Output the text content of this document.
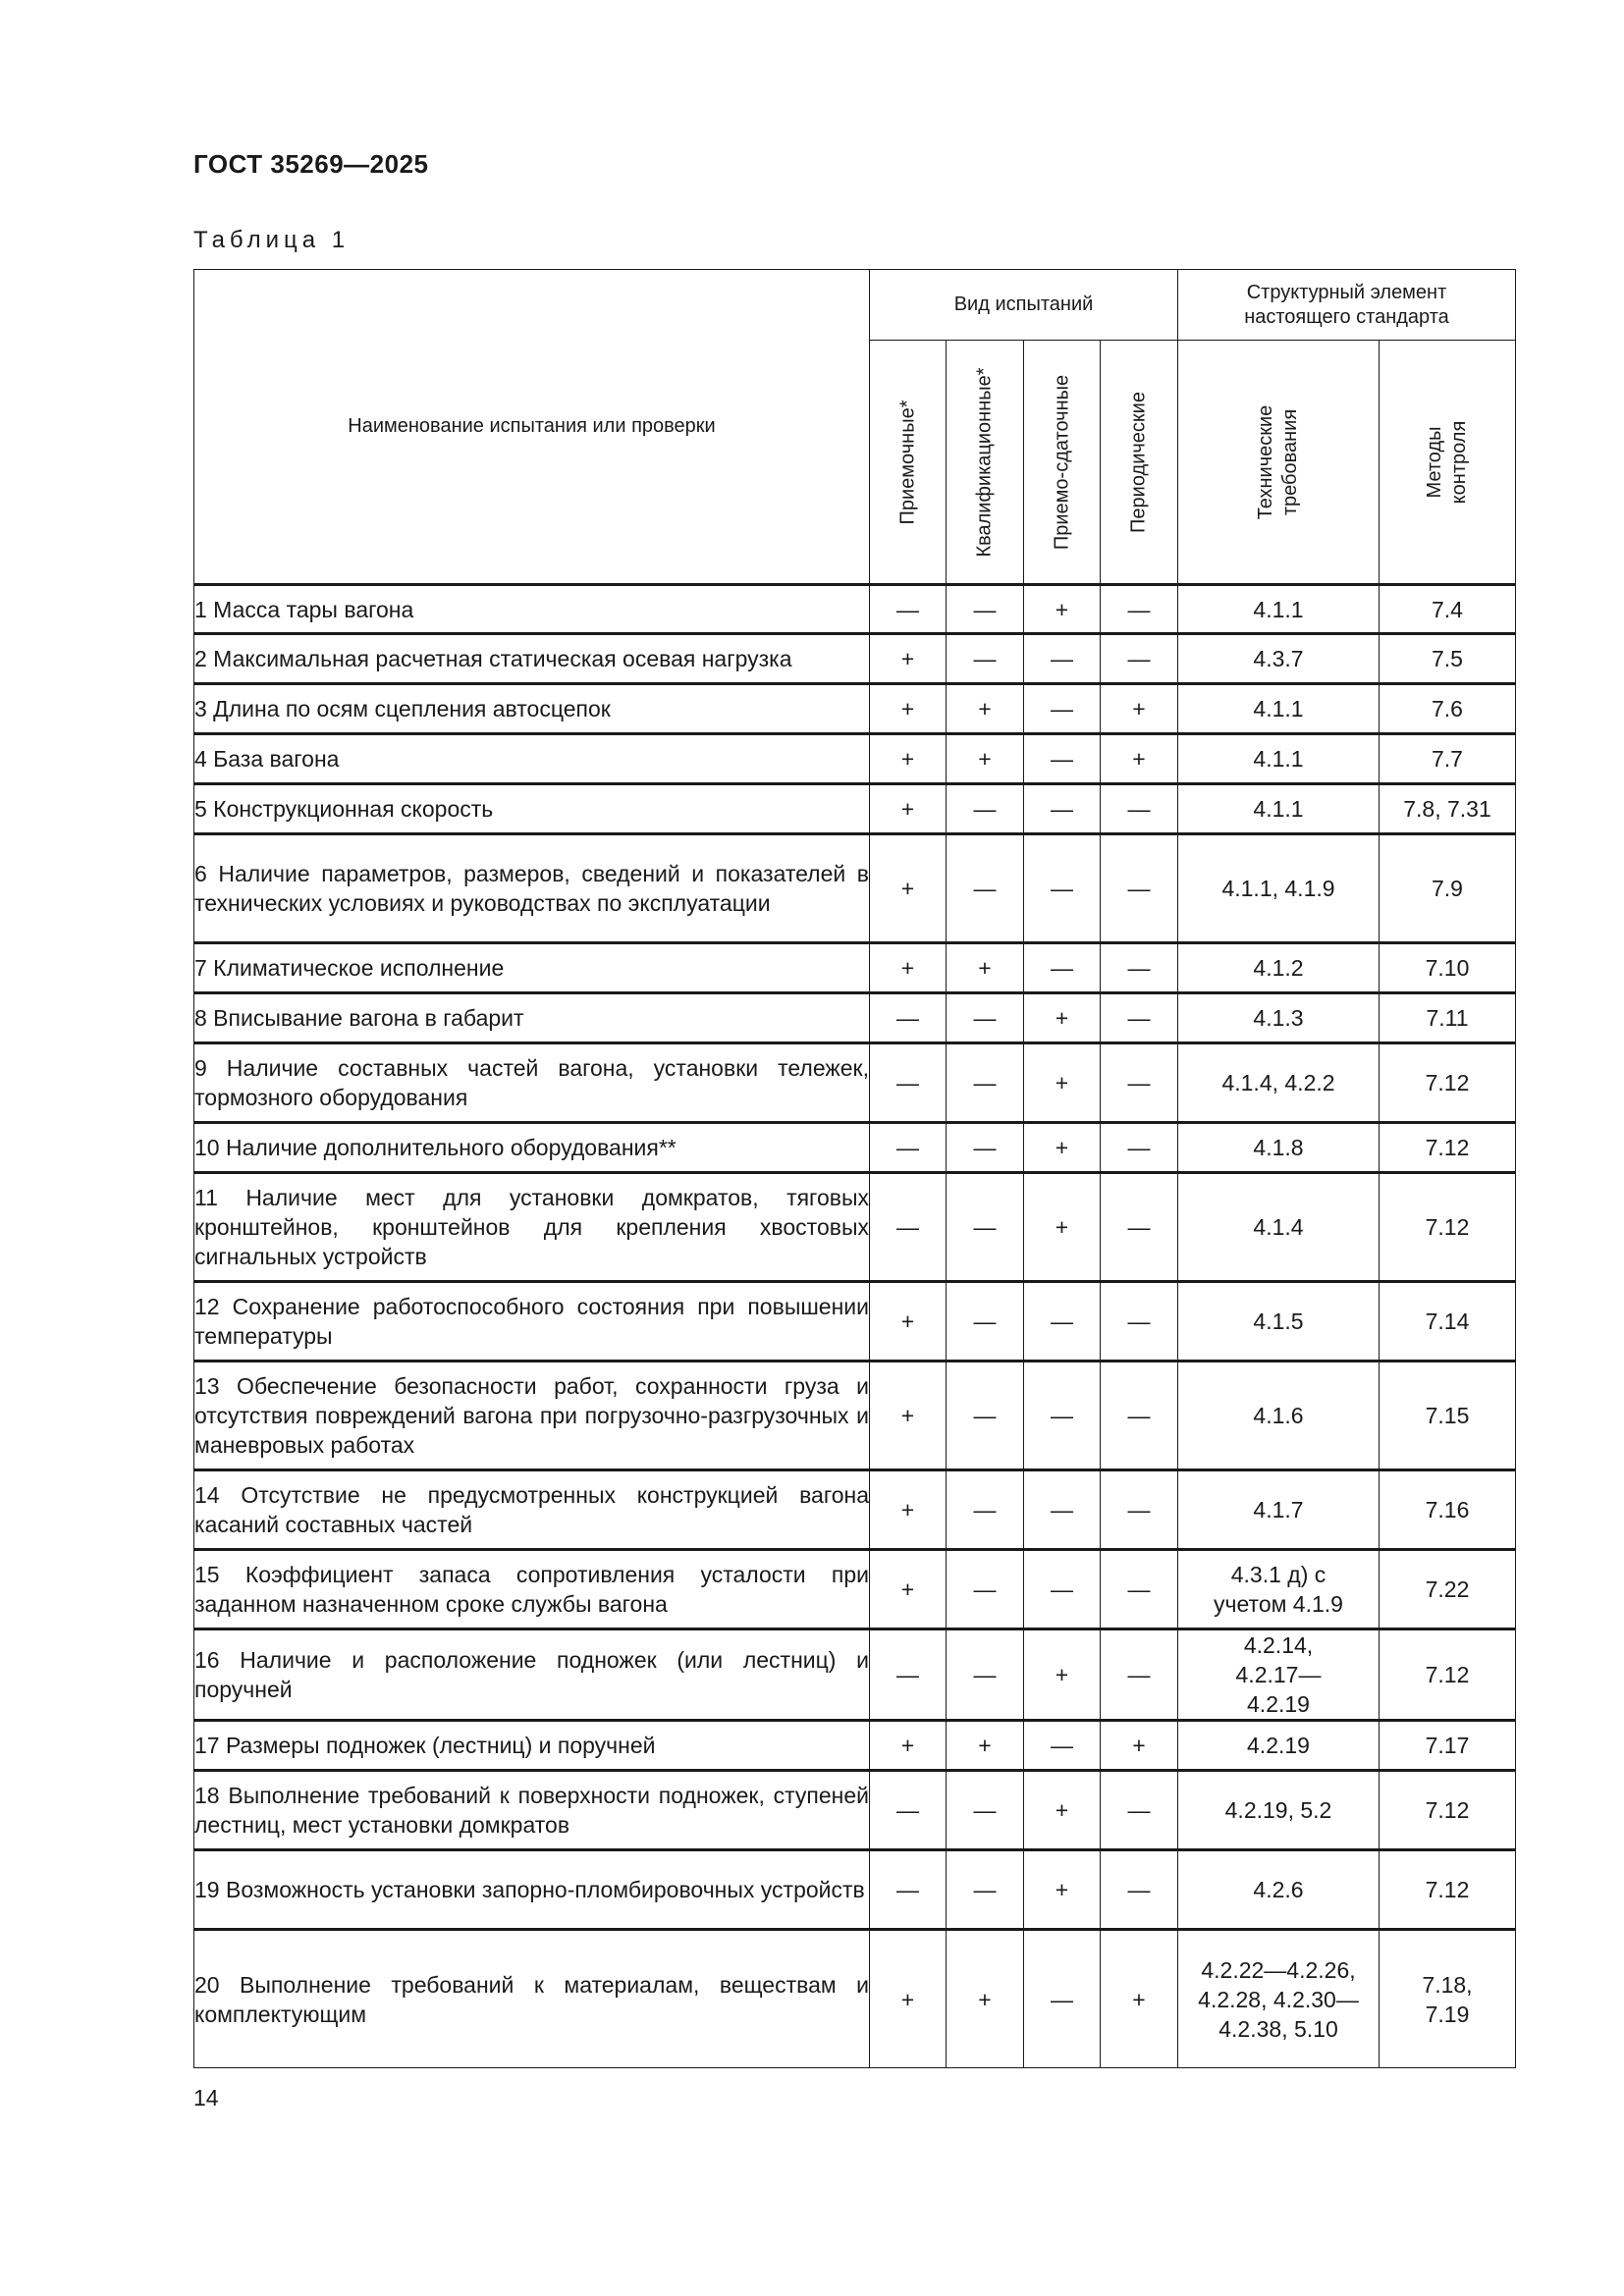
ГОСТ 35269—2025
Таблица 1
Наименование испытания или проверки	Вид испытаний				Структурный элемент настоящего стандарта	

	Приемочные*	Квалификационные*	Приемо-сдаточные	Периодические	Технические требования	Методы контроля

1 Масса тары вагона	—	—	+	—	4.1.1	7.4
2 Максимальная расчетная статическая осевая нагрузка	+	—	—	—	4.3.7	7.5
3 Длина по осям сцепления автосцепок	+	+	—	+	4.1.1	7.6
4 База вагона	+	+	—	+	4.1.1	7.7
5 Конструкционная скорость	+	—	—	—	4.1.1	7.8, 7.31
6 Наличие параметров, размеров, сведений и показателей в технических условиях и руководствах по эксплуатации	+	—	—	—	4.1.1, 4.1.9	7.9
7 Климатическое исполнение	+	+	—	—	4.1.2	7.10
8 Вписывание вагона в габарит	—	—	+	—	4.1.3	7.11
9 Наличие составных частей вагона, установки тележек, тормозного оборудования	—	—	+	—	4.1.4, 4.2.2	7.12
10 Наличие дополнительного оборудования**	—	—	+	—	4.1.8	7.12
11 Наличие мест для установки домкратов, тяговых кронштейнов, кронштейнов для крепления хвостовых сигнальных устройств	—	—	+	—	4.1.4	7.12
12 Сохранение работоспособного состояния при повышении температуры	+	—	—	—	4.1.5	7.14
13 Обеспечение безопасности работ, сохранности груза и отсутствия повреждений вагона при погрузочно-разгрузочных и маневровых работах	+	—	—	—	4.1.6	7.15
14 Отсутствие не предусмотренных конструкцией вагона касаний составных частей	+	—	—	—	4.1.7	7.16
15 Коэффициент запаса сопротивления усталости при заданном назначенном сроке службы вагона	+	—	—	—	4.3.1 д) с учетом 4.1.9	7.22
16 Наличие и расположение подножек (или лестниц) и поручней	—	—	+	—	4.2.14, 4.2.17—4.2.19	7.12
17 Размеры подножек (лестниц) и поручней	+	+	—	+	4.2.19	7.17
18 Выполнение требований к поверхности подножек, ступеней лестниц, мест установки домкратов	—	—	+	—	4.2.19, 5.2	7.12
19 Возможность установки запорно-пломбировочных устройств	—	—	+	—	4.2.6	7.12
20 Выполнение требований к материалам, веществам и комплектующим	+	+	—	+	4.2.22—4.2.26, 4.2.28, 4.2.30—4.2.38, 5.10	7.18, 7.19
14
